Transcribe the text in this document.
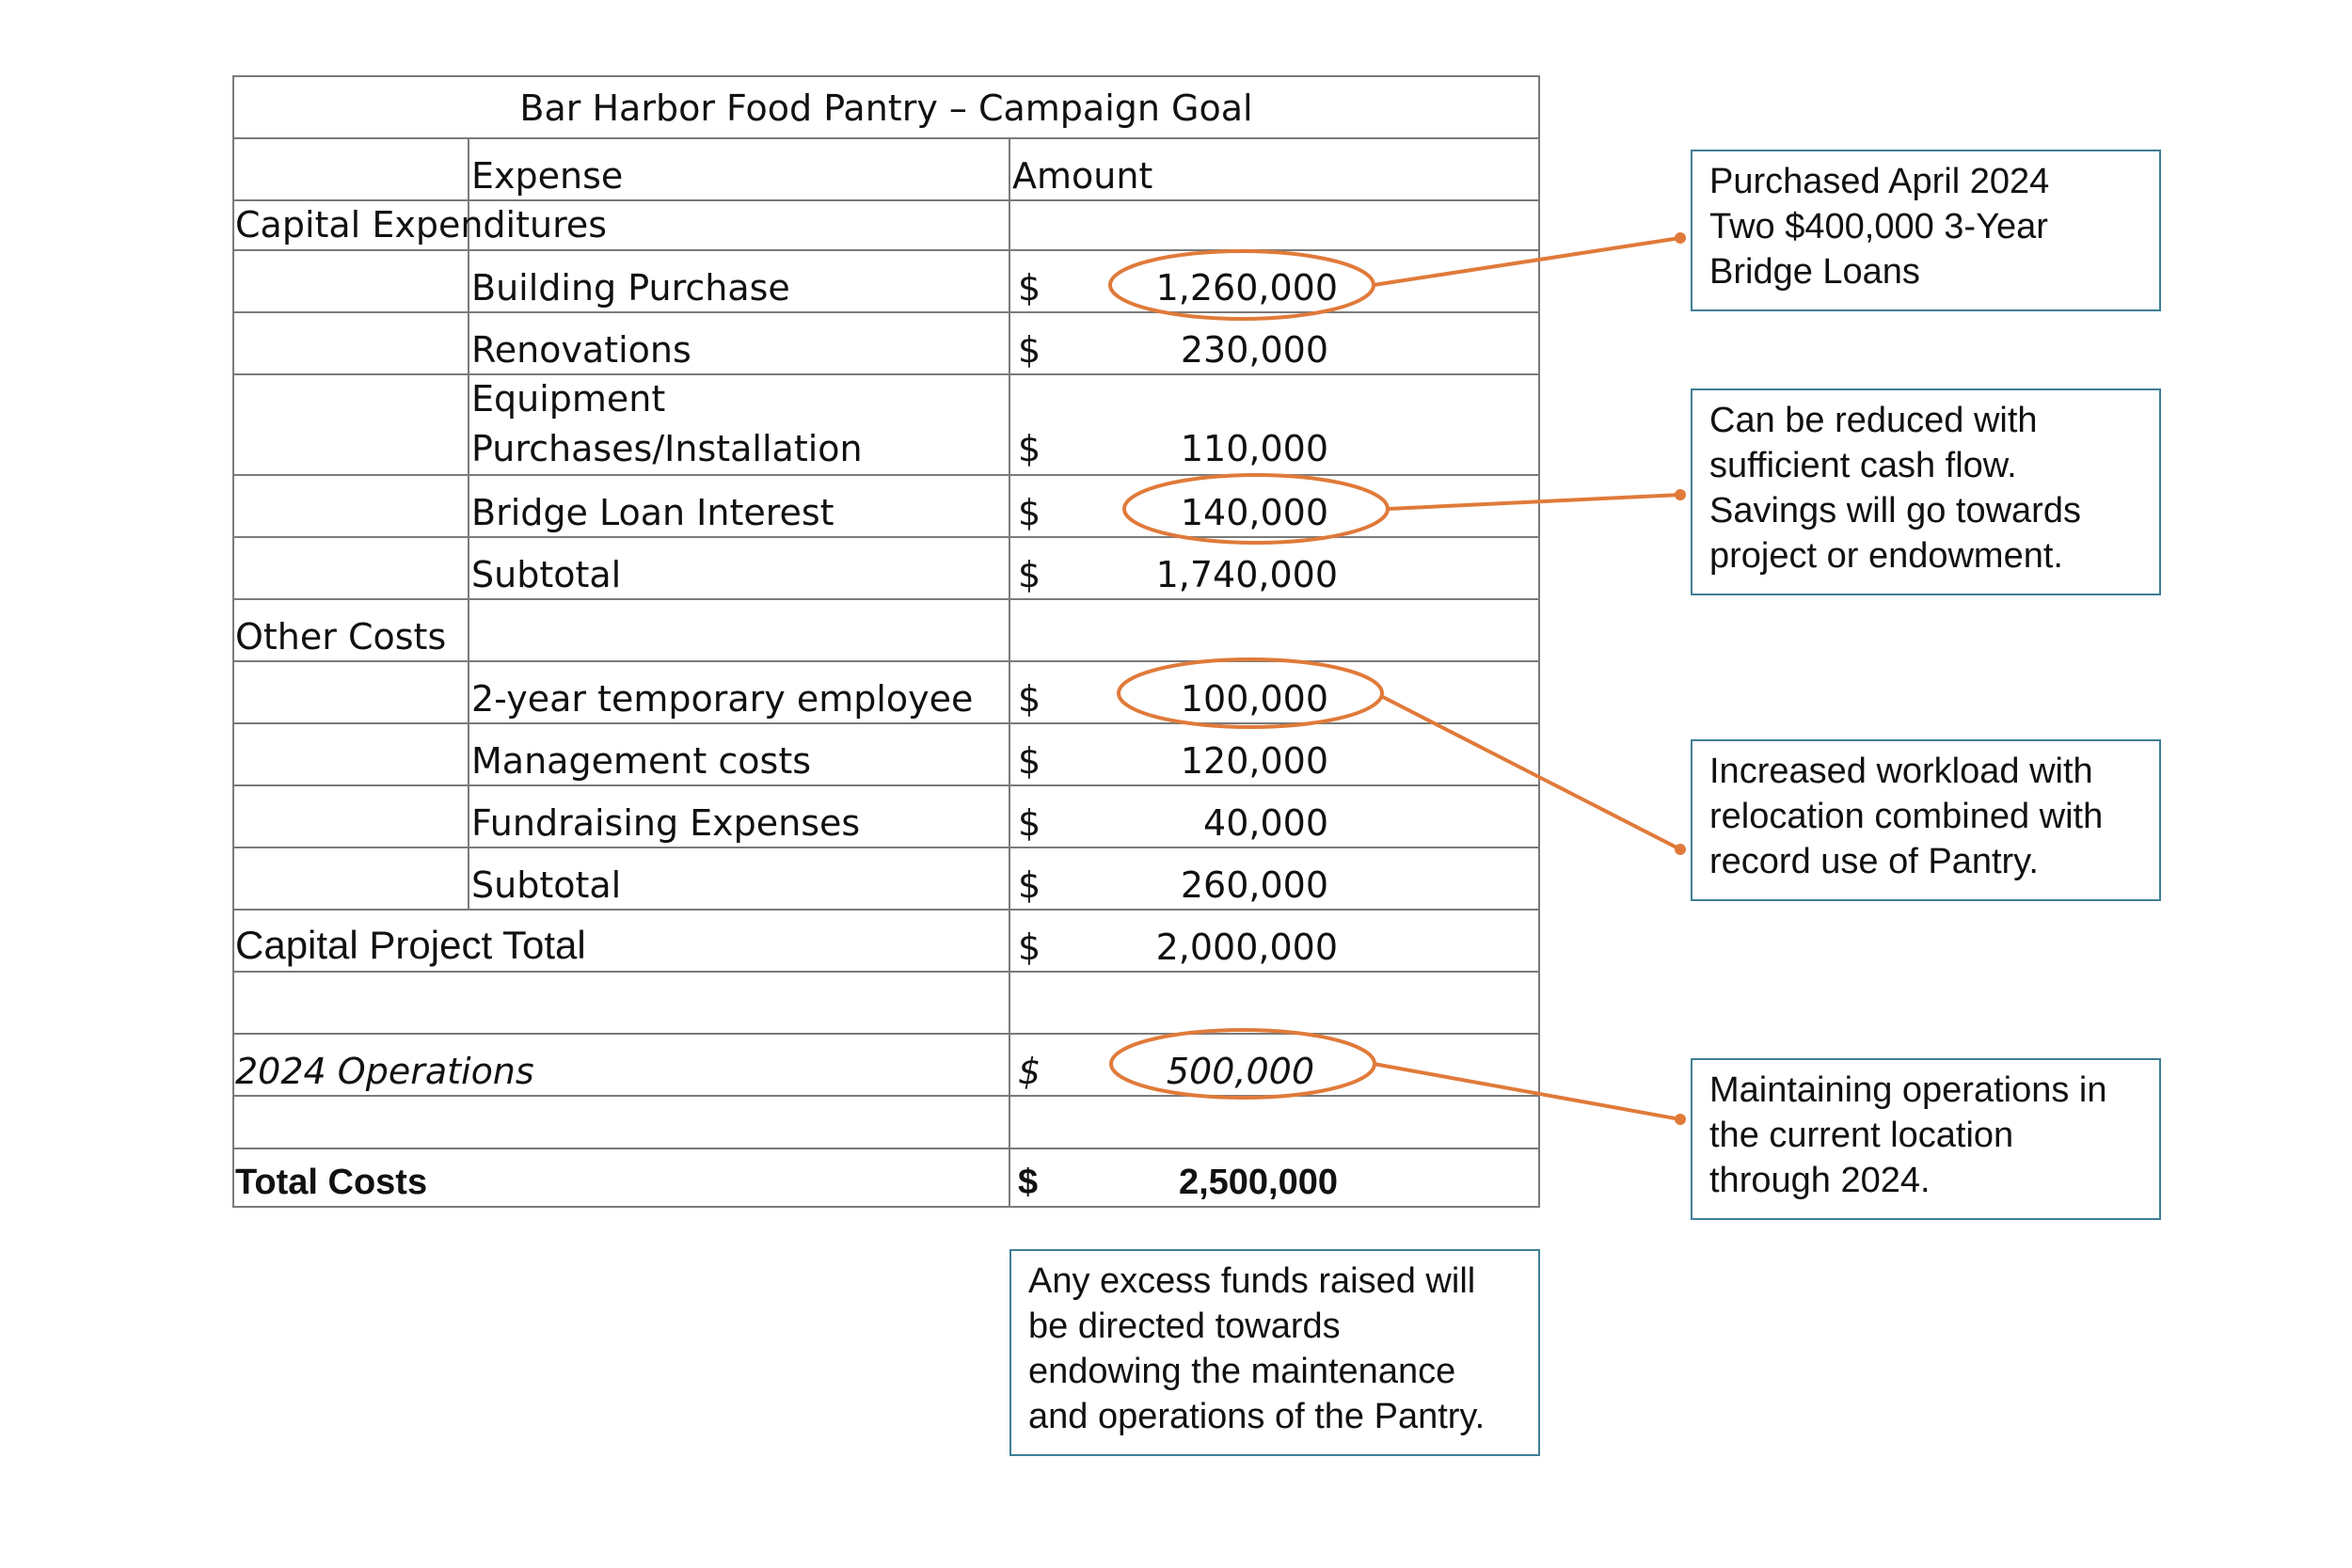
Bar Harbor Food Pantry – Campaign Goal
Expense	Amount
Capital Expenditures
Building Purchase	$	1,260,000
Renovations	$	230,000
Equipment
Purchases/Installation	$	110,000
Bridge Loan Interest	$	140,000
Subtotal	$	1,740,000
Other Costs
2-year temporary employee $	100,000
Management costs	$	120,000
Fundraising Expenses	$	40,000
Subtotal	$	260,000
Capital Project Total	$	2,000,000
2024 Operations	$	500,000
Total Costs	$	2,500,000
Purchased April 2024
Two $400,000 3-Year
Bridge Loans
Can be reduced with
sufficient cash flow.
Savings will go towards
project or endowment.
Increased workload with
relocation combined with
record use of Pantry.
Maintaining operations in
the current location
through 2024.
Any excess funds raised will
be directed towards
endowing the maintenance
and operations of the Pantry.
